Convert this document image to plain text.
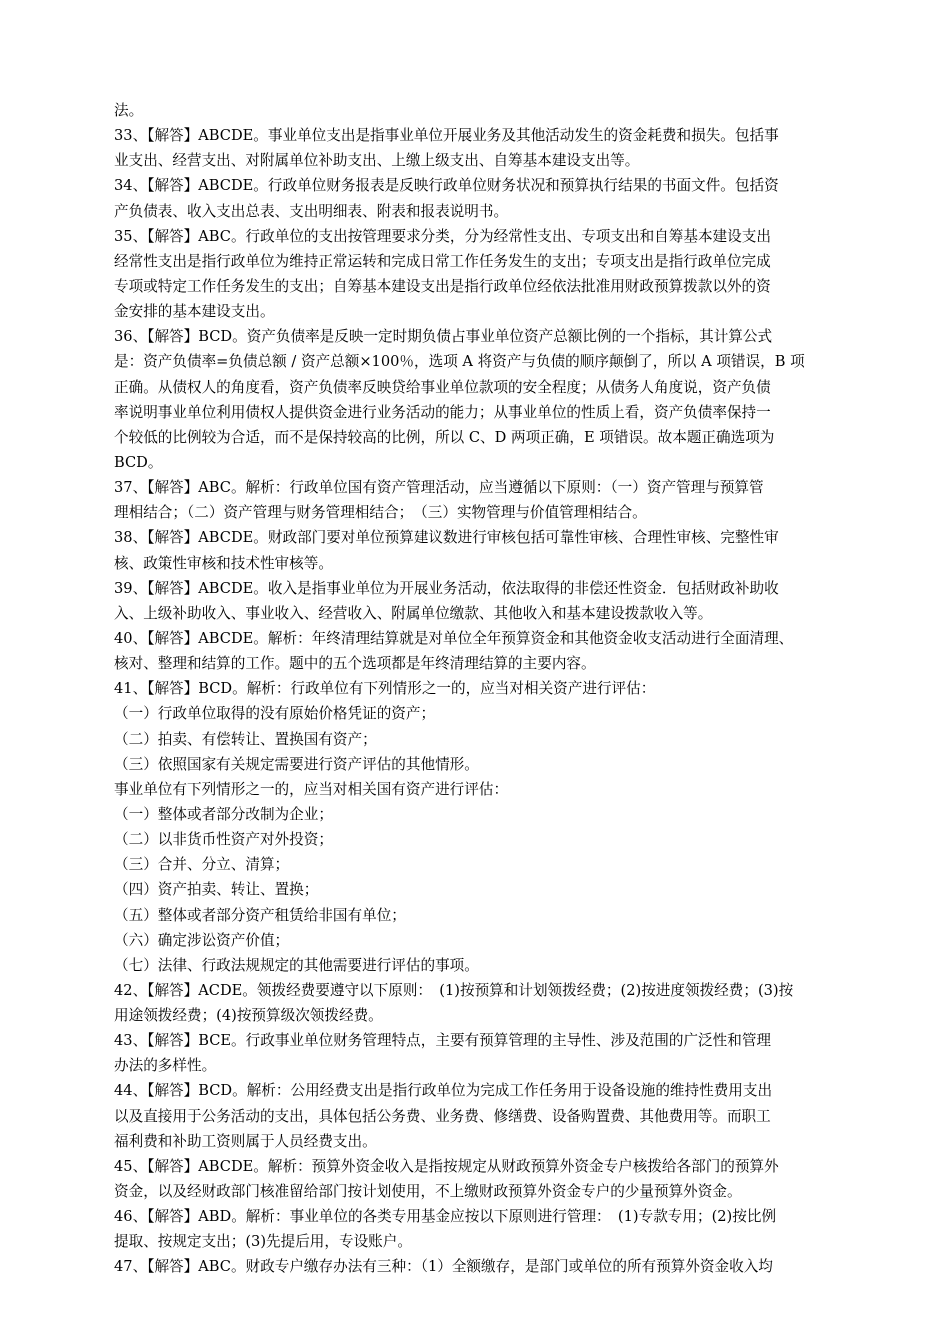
法。
33、【解答】ABCDE。事业单位支出是指事业单位开展业务及其他活动发生的资金耗费和损失。包括事
业支出、经营支出、对附属单位补助支出、上缴上级支出、自筹基本建设支出等。
34、【解答】ABCDE。行政单位财务报表是反映行政单位财务状况和预算执行结果的书面文件。包括资
产负债表、收入支出总表、支出明细表、附表和报表说明书。
35、【解答】ABC。行政单位的支出按管理要求分类，分为经常性支出、专项支出和自筹基本建设支出
经常性支出是指行政单位为维持正常运转和完成日常工作任务发生的支出；专项支出是指行政单位完成
专项或特定工作任务发生的支出；自筹基本建设支出是指行政单位经依法批准用财政预算拨款以外的资
金安排的基本建设支出。
36、【解答】BCD。资产负债率是反映一定时期负债占事业单位资产总额比例的一个指标，其计算公式
是：资产负债率=负债总额 / 资产总额×100％，选项 A 将资产与负债的顺序颠倒了，所以 A 项错误，B 项
正确。从债权人的角度看，资产负债率反映贷给事业单位款项的安全程度；从债务人角度说，资产负债
率说明事业单位利用债权人提供资金进行业务活动的能力；从事业单位的性质上看，资产负债率保持一
个较低的比例较为合适，而不是保持较高的比例，所以 C、D 两项正确，E 项错误。故本题正确选项为
BCD。
37、【解答】ABC。解析：行政单位国有资产管理活动，应当遵循以下原则：（一）资产管理与预算管
理相结合；（二）资产管理与财务管理相结合；　（三）实物管理与价值管理相结合。
38、【解答】ABCDE。财政部门要对单位预算建议数进行审核包括可靠性审核、合理性审核、完整性审
核、政策性审核和技术性审核等。
39、【解答】ABCDE。收入是指事业单位为开展业务活动，依法取得的非偿还性资金．包括财政补助收
入、上级补助收入、事业收入、经营收入、附属单位缴款、其他收入和基本建设拨款收入等。
40、【解答】ABCDE。解析：年终清理结算就是对单位全年预算资金和其他资金收支活动进行全面清理、
核对、整理和结算的工作。题中的五个选项都是年终清理结算的主要内容。
41、【解答】BCD。解析：行政单位有下列情形之一的，应当对相关资产进行评估：
（一）行政单位取得的没有原始价格凭证的资产；
（二）拍卖、有偿转让、置换国有资产；
（三）依照国家有关规定需要进行资产评估的其他情形。
事业单位有下列情形之一的，应当对相关国有资产进行评估：
（一）整体或者部分改制为企业；
（二）以非货币性资产对外投资；
（三）合并、分立、清算；
（四）资产拍卖、转让、置换；
（五）整体或者部分资产租赁给非国有单位；
（六）确定涉讼资产价值；
（七）法律、行政法规规定的其他需要进行评估的事项。
42、【解答】ACDE。领拨经费要遵守以下原则：　(1)按预算和计划领拨经费；(2)按进度领拨经费；(3)按
用途领拨经费；(4)按预算级次领拨经费。
43、【解答】BCE。行政事业单位财务管理特点，主要有预算管理的主导性、涉及范围的广泛性和管理
办法的多样性。
44、【解答】BCD。解析：公用经费支出是指行政单位为完成工作任务用于设备设施的维持性费用支出
以及直接用于公务活动的支出，具体包括公务费、业务费、修缮费、设备购置费、其他费用等。而职工
福利费和补助工资则属于人员经费支出。
45、【解答】ABCDE。解析：预算外资金收入是指按规定从财政预算外资金专户核拨给各部门的预算外
资金，以及经财政部门核准留给部门按计划使用，不上缴财政预算外资金专户的少量预算外资金。
46、【解答】ABD。解析：事业单位的各类专用基金应按以下原则进行管理：　(1)专款专用；(2)按比例
提取、按规定支出；(3)先提后用，专设账户。
47、【解答】ABC。财政专户缴存办法有三种：（1）全额缴存，是部门或单位的所有预算外资金收入均
